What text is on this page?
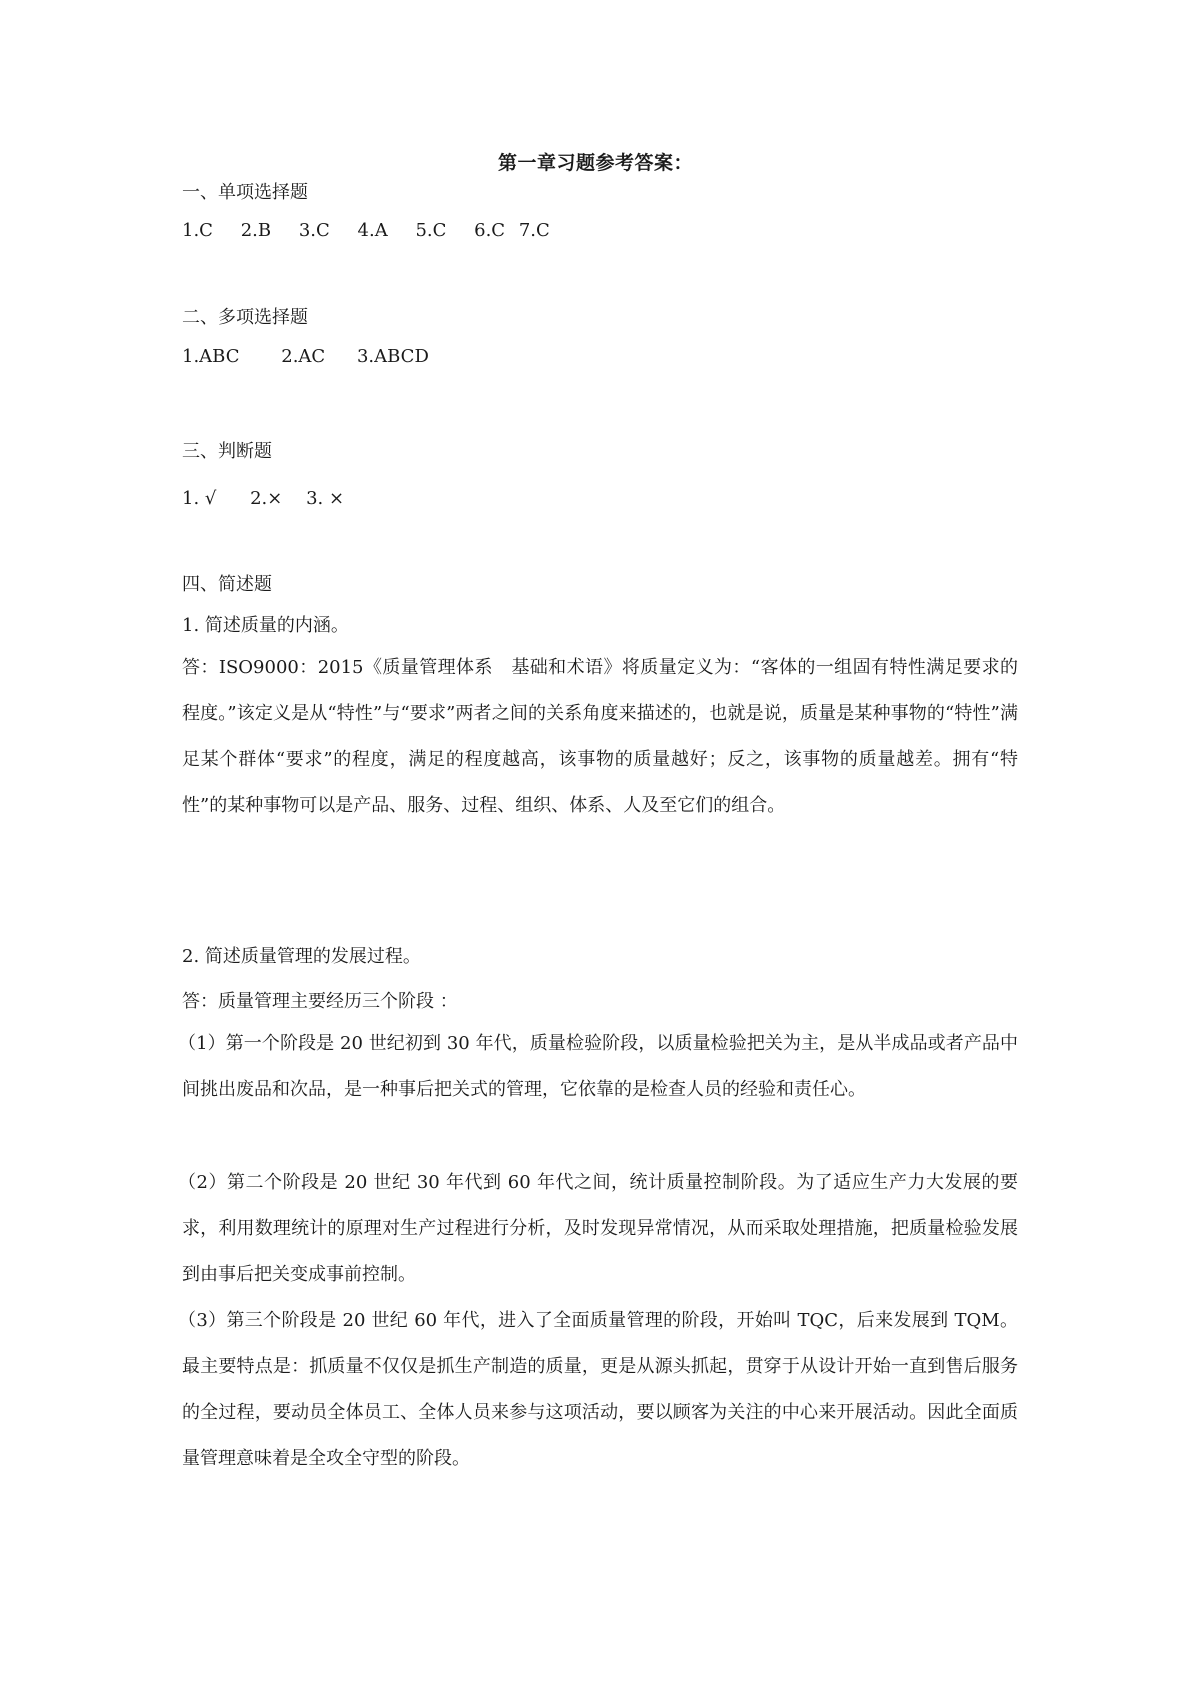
第一章习题参考答案：
一、单项选择题
1.C 2.B 3.C 4.A 5.C 6.C 7.C
二、多项选择题
1.ABC 2.AC 3.ABCD
三、判断题
1. √ 2.× 3. ×
四、简述题
1. 简述质量的内涵。
答：ISO9000：2015《质量管理体系　基础和术语》将质量定义为：“客体的一组固有特性满足要求的程度。”该定义是从“特性”与“要求”两者之间的关系角度来描述的，也就是说，质量是某种事物的“特性”满足某个群体“要求”的程度，满足的程度越高，该事物的质量越好；反之，该事物的质量越差。拥有“特性”的某种事物可以是产品、服务、过程、组织、体系、人及至它们的组合。
2. 简述质量管理的发展过程。
答：质量管理主要经历三个阶段 ：
（1）第一个阶段是 20 世纪初到 30 年代，质量检验阶段，以质量检验把关为主，是从半成品或者产品中间挑出废品和次品，是一种事后把关式的管理，它依靠的是检查人员的经验和责任心。
（2）第二个阶段是 20 世纪 30 年代到 60 年代之间，统计质量控制阶段。为了适应生产力大发展的要求，利用数理统计的原理对生产过程进行分析，及时发现异常情况，从而采取处理措施，把质量检验发展到由事后把关变成事前控制。
（3）第三个阶段是 20 世纪 60 年代，进入了全面质量管理的阶段，开始叫 TQC，后来发展到 TQM。最主要特点是：抓质量不仅仅是抓生产制造的质量，更是从源头抓起，贯穿于从设计开始一直到售后服务的全过程，要动员全体员工、全体人员来参与这项活动，要以顾客为关注的中心来开展活动。因此全面质量管理意味着是全攻全守型的阶段。
